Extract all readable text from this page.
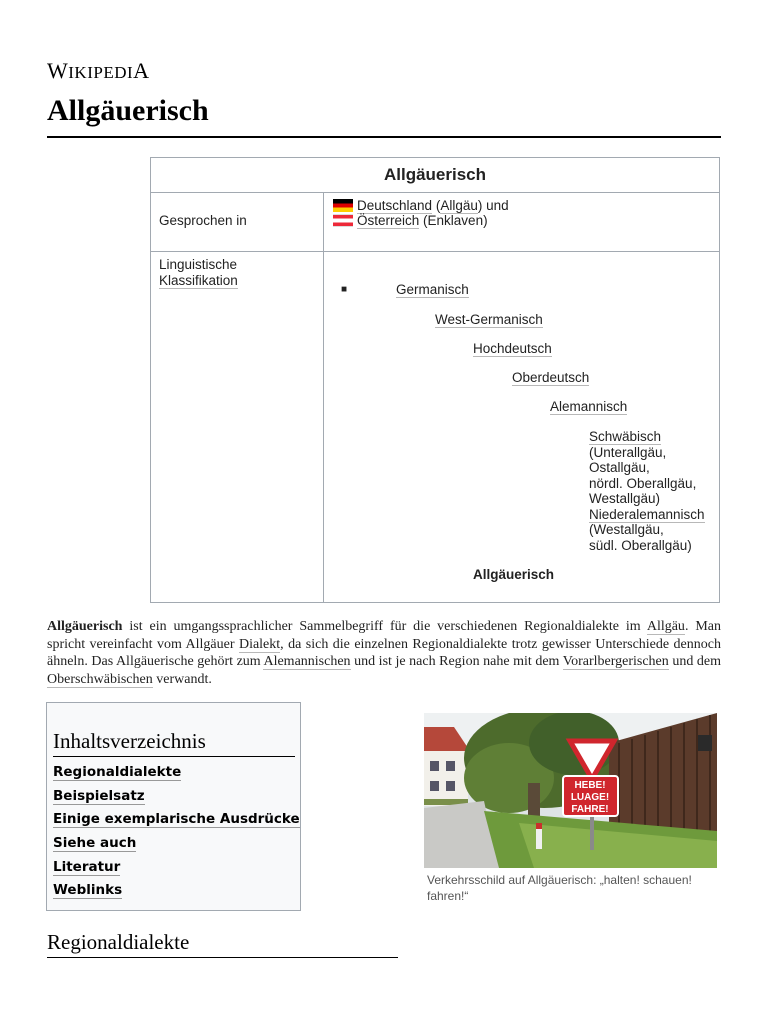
WIKIPEDIA
Allgäuerisch
Allgäuerisch
Gesprochen in
Deutschland (Allgäu) und
Österreich (Enklaven)
Linguistische
Klassifikation
■	Germanisch
West-Germanisch
Hochdeutsch
Oberdeutsch
Alemannisch
Schwäbisch
(Unterallgäu,
Ostallgäu,
nördl. Oberallgäu,
Westallgäu)
Niederalemannisch
(Westallgäu,
südl. Oberallgäu)
Allgäuerisch
Allgäuerisch ist ein umgangssprachlicher Sammelbegriff für die verschiedenen Regionaldialekte im Allgäu. Man spricht vereinfacht vom Allgäuer Dialekt, da sich die einzelnen Regionaldialekte trotz gewisser Unterschiede dennoch ähneln. Das Allgäuerische gehört zum Alemannischen und ist je nach Region nahe mit dem Vorarlbergerischen und dem Oberschwäbischen verwandt.
Inhaltsverzeichnis
Regionaldialekte
Beispielsatz
Einige exemplarische Ausdrücke
Siehe auch
Literatur
Weblinks
HEBE!
LUAGE!
FAHRE!
Verkehrsschild auf Allgäuerisch: „halten! schauen! fahren!“
Regionaldialekte
